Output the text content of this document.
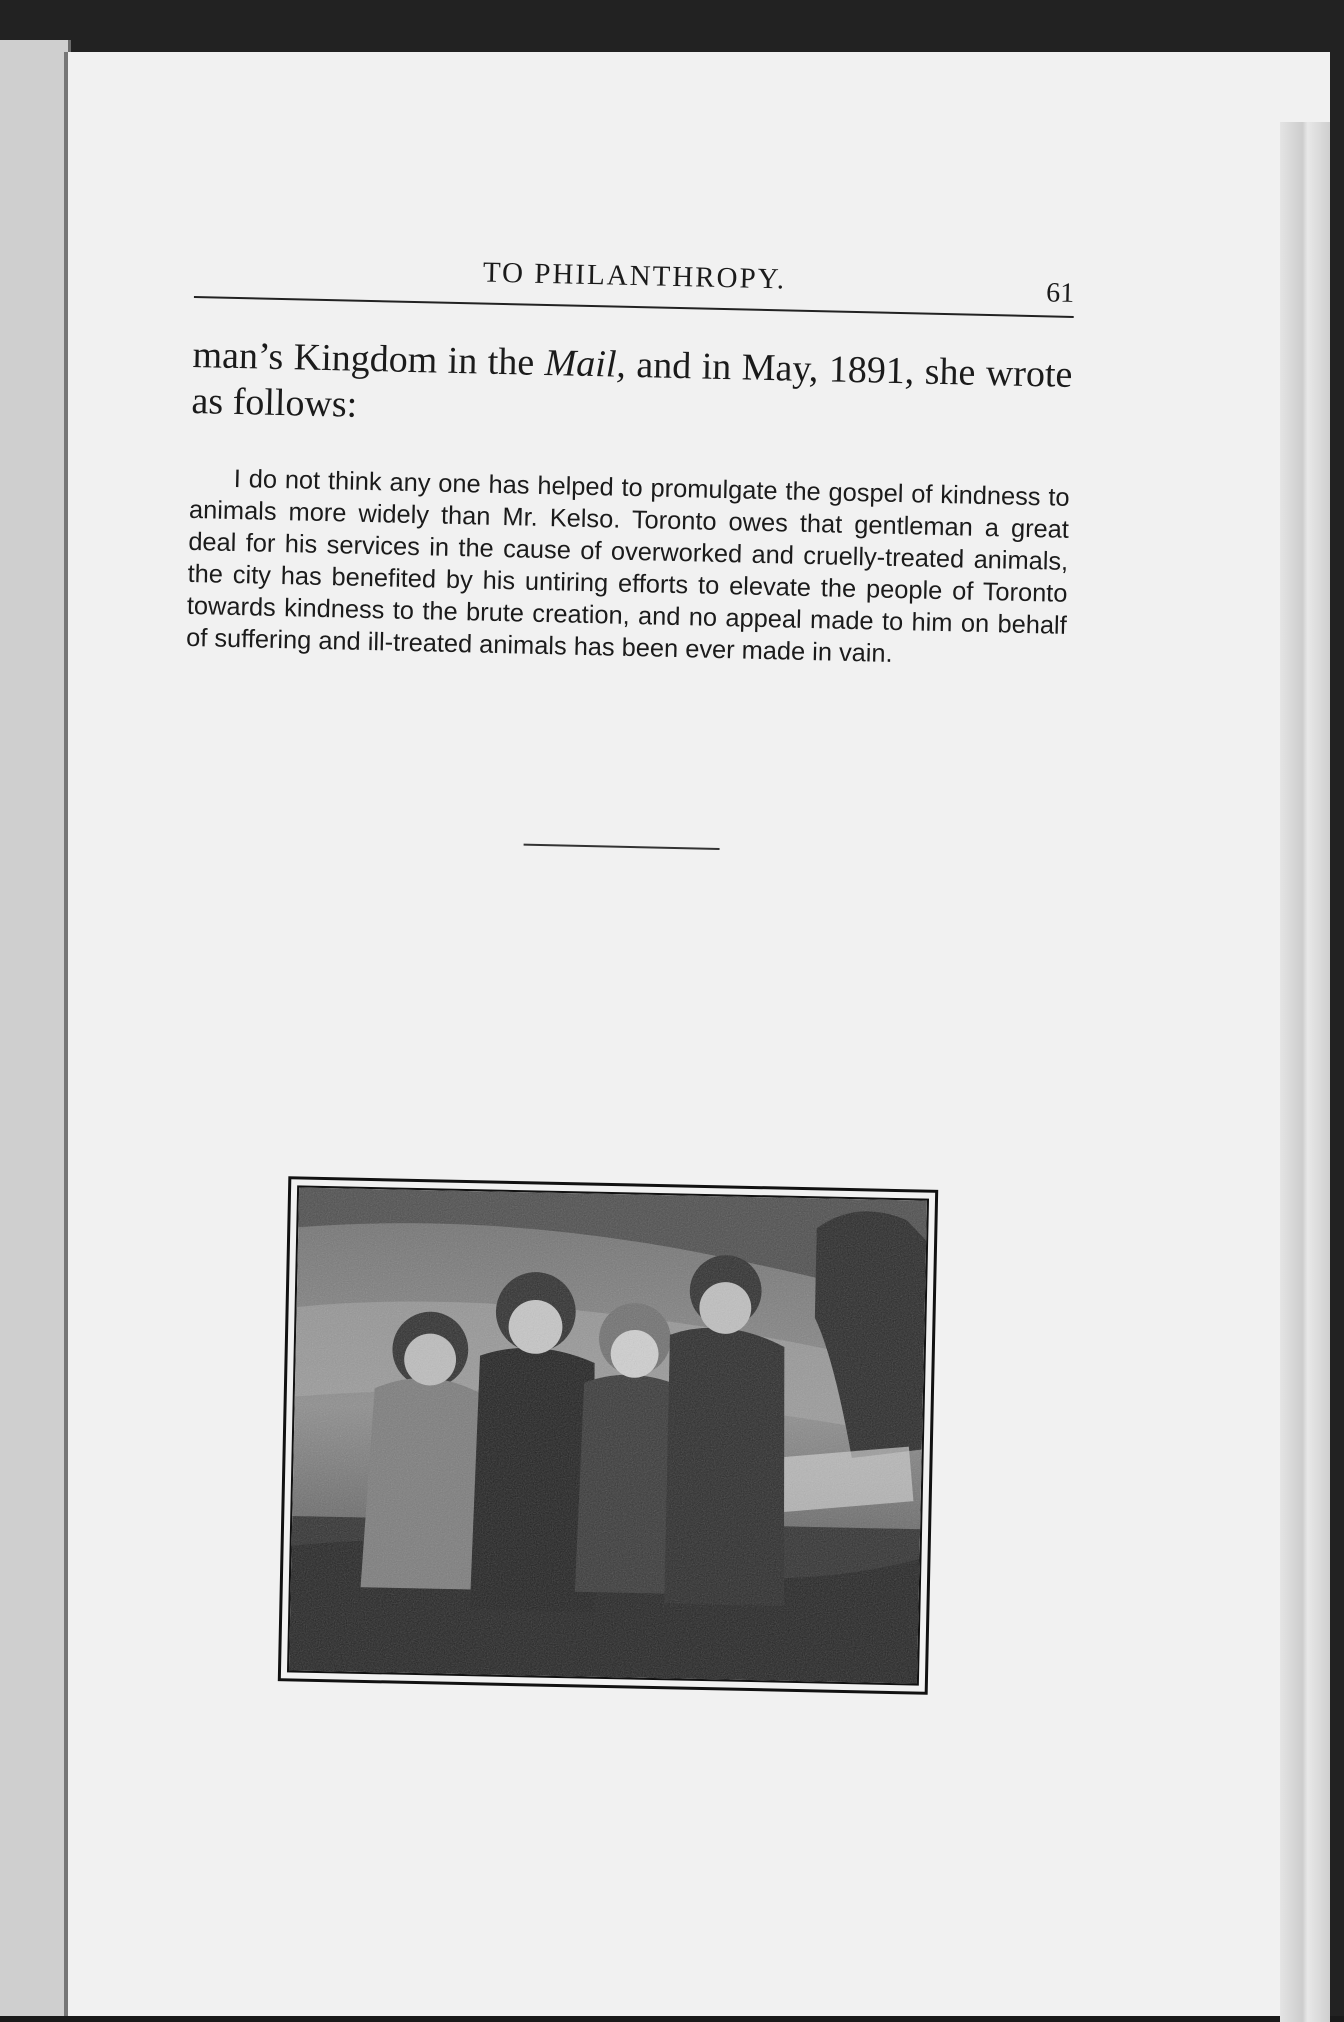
TO PHILANTHROPY.	61

man’s Kingdom in the Mail, and in May, 1891, she wrote as follows:

I do not think any one has helped to promulgate the gospel of kindness to animals more widely than Mr. Kelso. Toronto owes that gentleman a great deal for his services in the cause of overworked and cruelly-treated animals, the city has benefited by his untiring efforts to elevate the people of Toronto towards kindness to the brute creation, and no appeal made to him on behalf of suffering and ill-treated animals has been ever made in vain.
